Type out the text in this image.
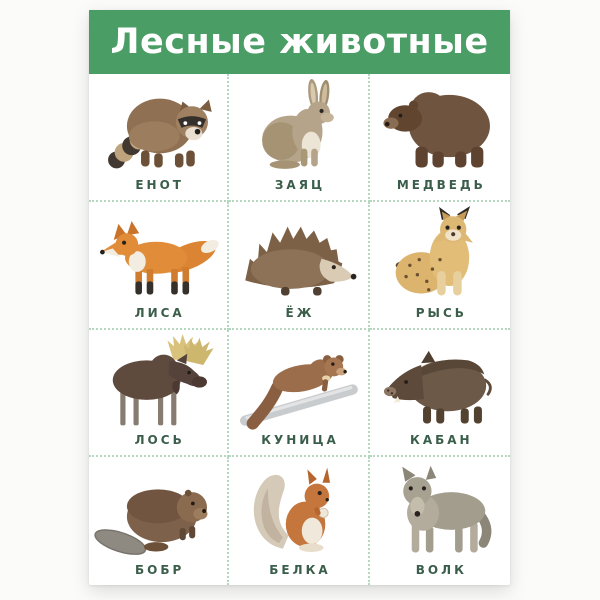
Лесные животные
ЕНОТ	ЗАЯЦ	МЕДВЕДЬ
ЛИСА	ЁЖ	РЫСЬ
ЛОСЬ	КУНИЦА	КАБАН
БОБР	БЕЛКА	ВОЛК
